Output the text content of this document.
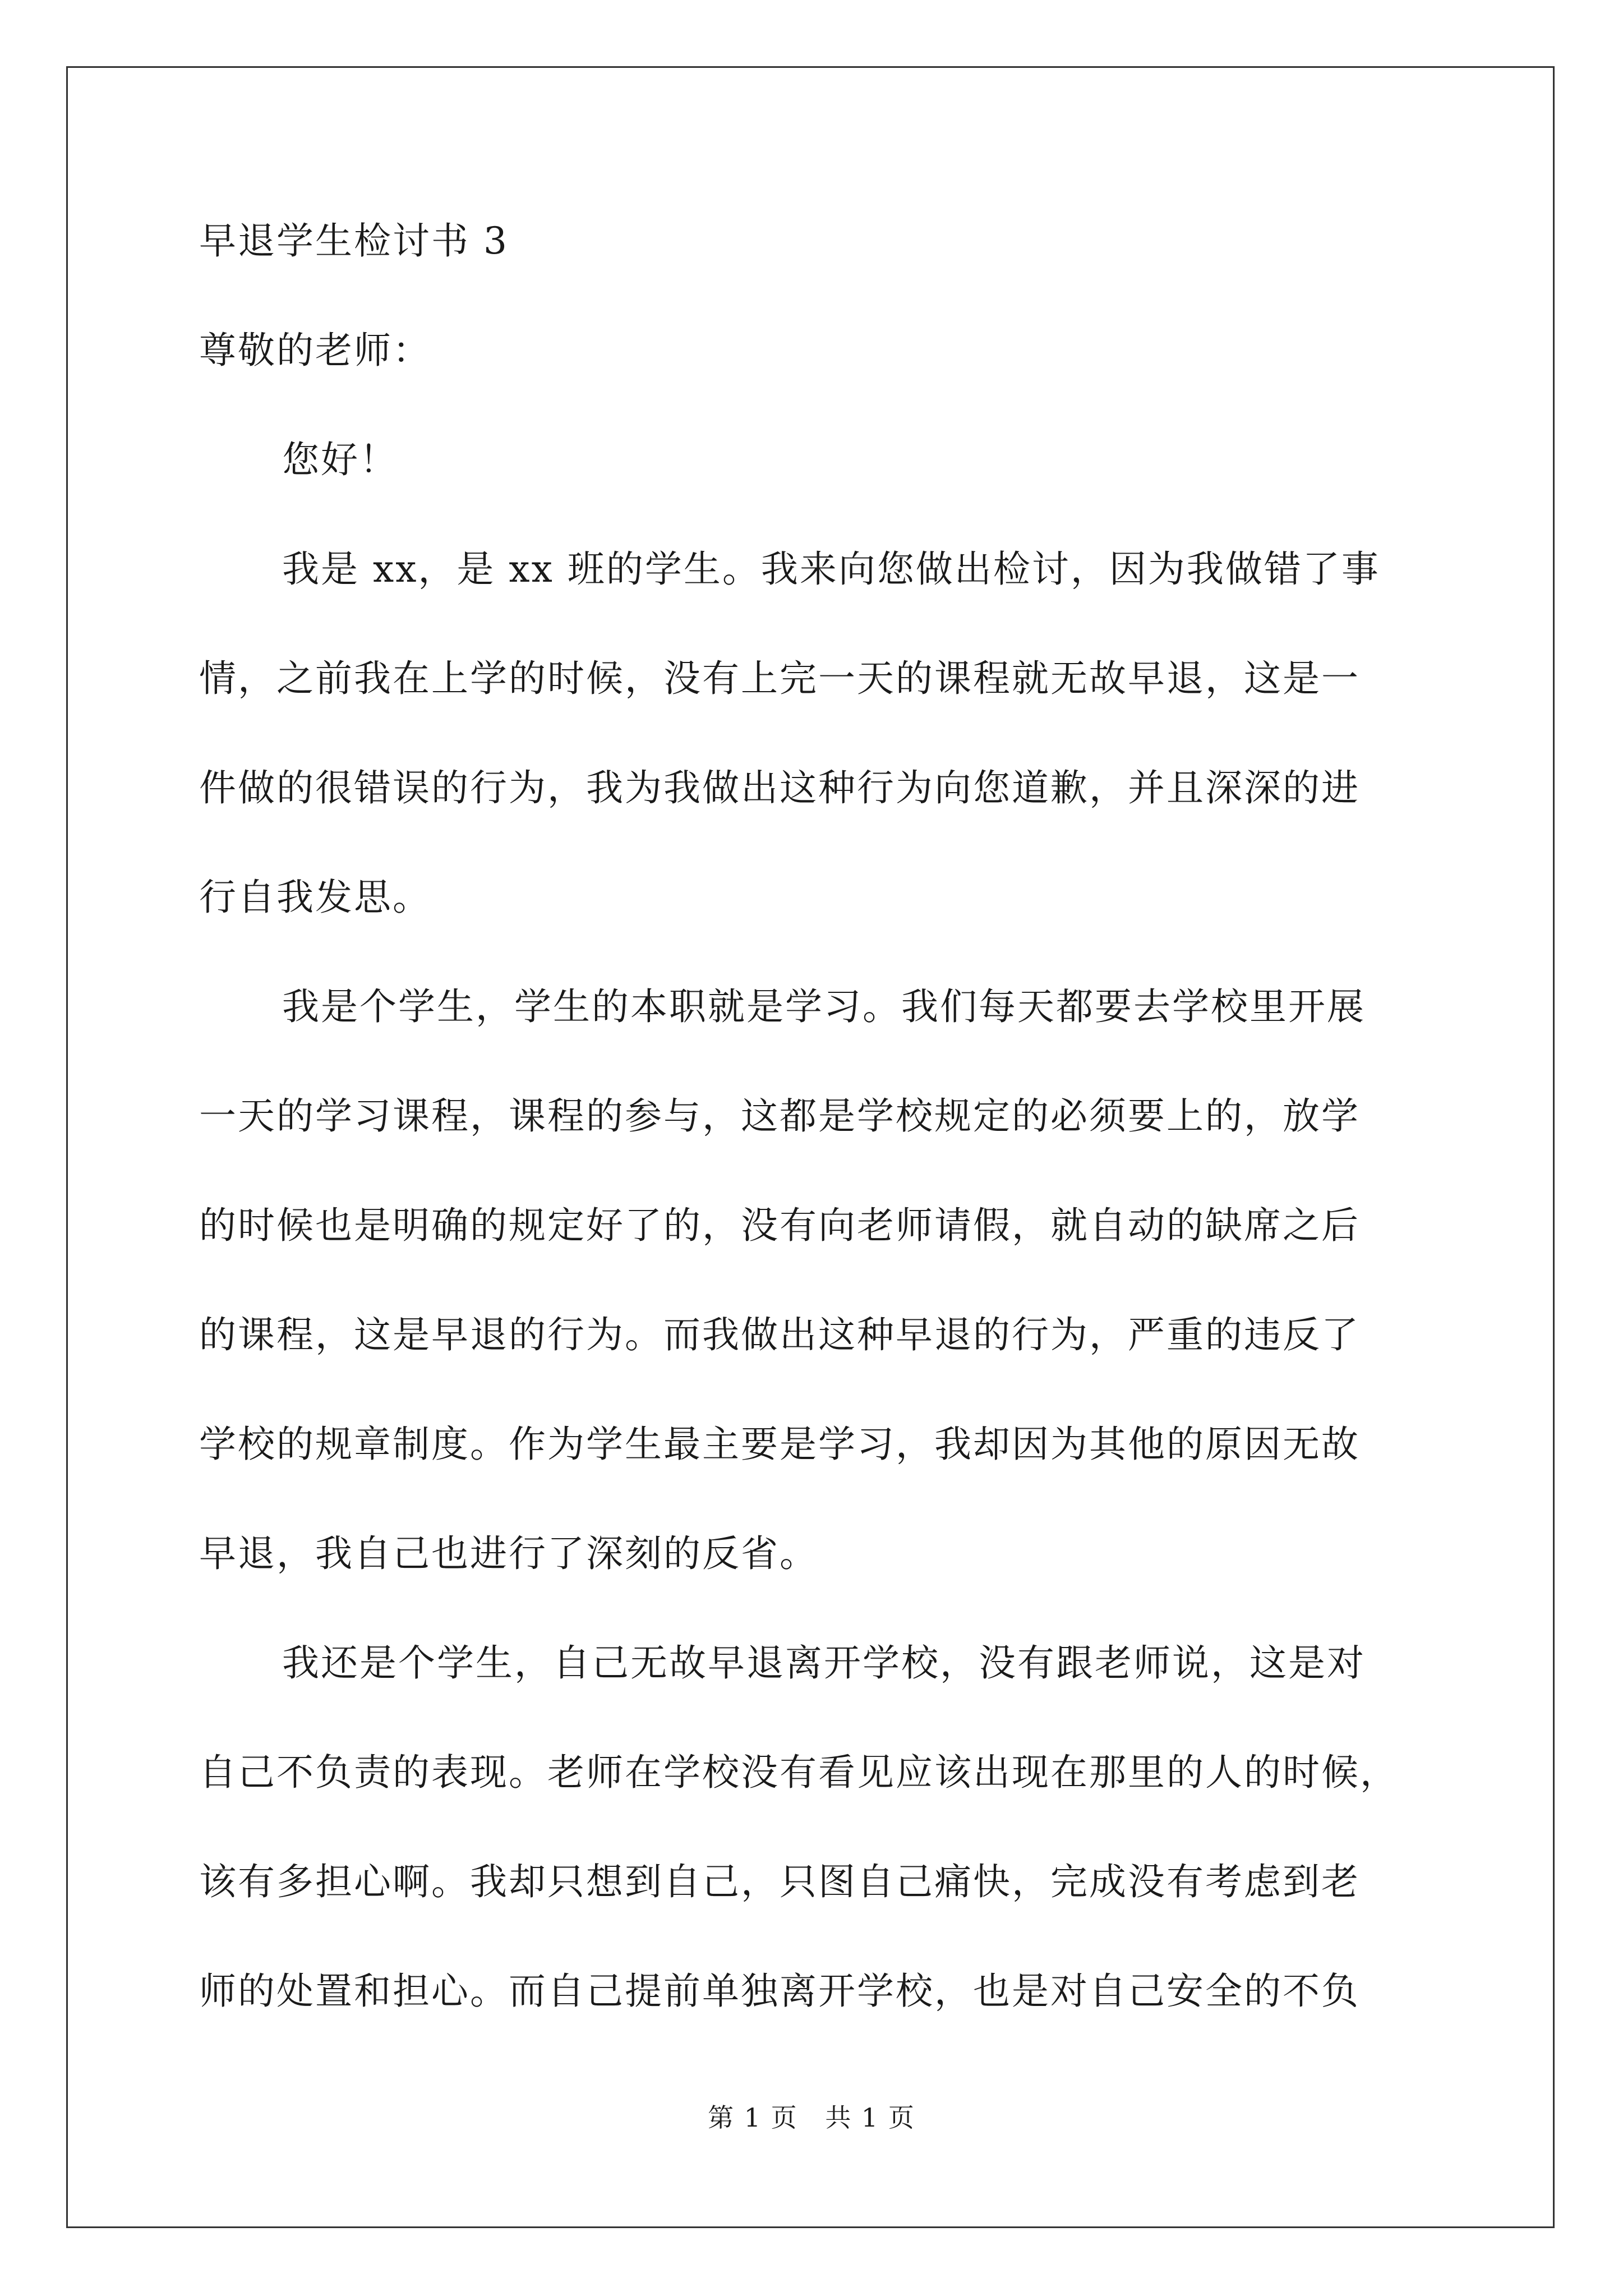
早退学生检讨书 3
尊敬的老师：
您好！
我是 xx，是 xx 班的学生。我来向您做出检讨，因为我做错了事
情，之前我在上学的时候，没有上完一天的课程就无故早退，这是一
件做的很错误的行为，我为我做出这种行为向您道歉，并且深深的进
行自我发思。
我是个学生，学生的本职就是学习。我们每天都要去学校里开展
一天的学习课程，课程的参与，这都是学校规定的必须要上的，放学
的时候也是明确的规定好了的，没有向老师请假，就自动的缺席之后
的课程，这是早退的行为。而我做出这种早退的行为，严重的违反了
学校的规章制度。作为学生最主要是学习，我却因为其他的原因无故
早退，我自己也进行了深刻的反省。
我还是个学生，自己无故早退离开学校，没有跟老师说，这是对
自己不负责的表现。老师在学校没有看见应该出现在那里的人的时候，
该有多担心啊。我却只想到自己，只图自己痛快，完成没有考虑到老
师的处置和担心。而自己提前单独离开学校，也是对自己安全的不负
第 1 页 共 1 页
